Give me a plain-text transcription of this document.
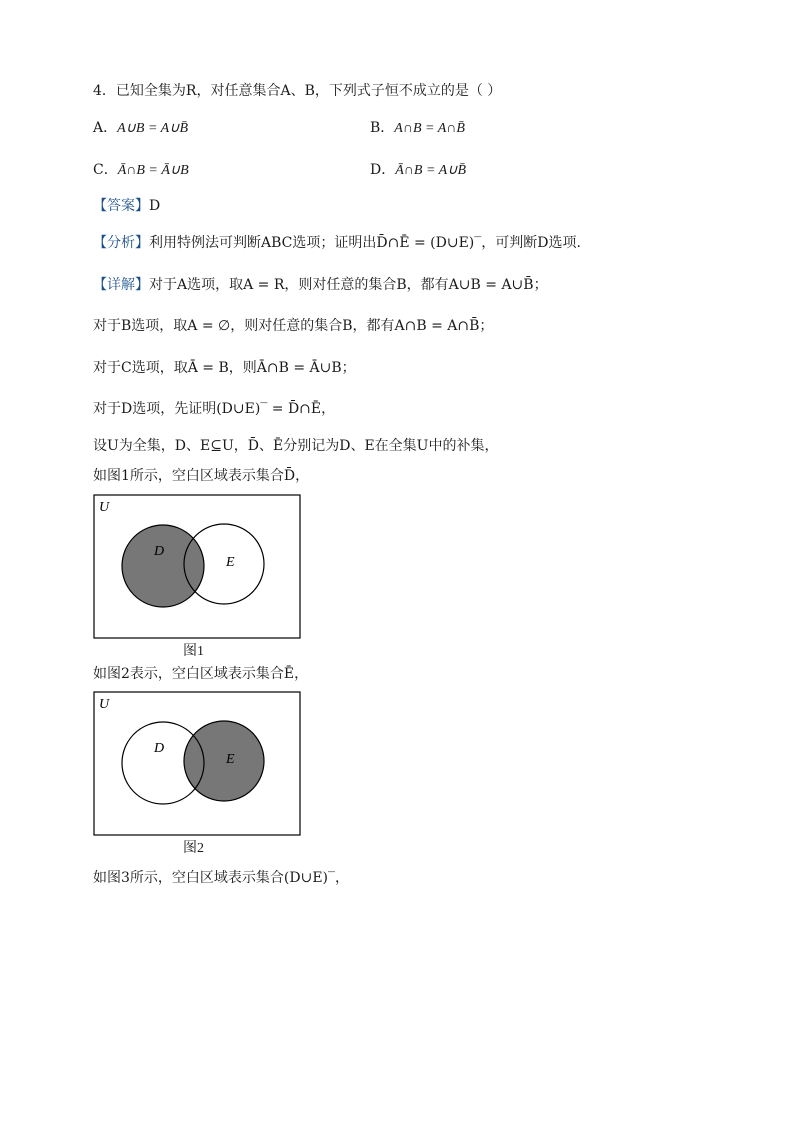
4．已知全集为R，对任意集合A、B，下列式子恒不成立的是（ ）
A．A∪B = A∪B̄	B．A∩B = A∩B̄
C．Ā∩B = Ā∪B	D．Ā∩B = A∪B̄
【答案】D
【分析】利用特例法可判断ABC选项；证明出D̄∩Ē = (D∪E)‾，可判断D选项.
【详解】对于A选项，取A = R，则对任意的集合B，都有A∪B = A∪B̄；
对于B选项，取A = ∅，则对任意的集合B，都有A∩B = A∩B̄；
对于C选项，取Ā = B，则Ā∩B = Ā∪B；
对于D选项，先证明(D∪E)‾ = D̄∩Ē，
设U为全集，D、E⊆U，D̄、Ē分别记为D、E在全集U中的补集，
如图1所示，空白区域表示集合D̄，
U
D
E
图1
如图2表示，空白区域表示集合Ē，
U
D
E
图2
如图3所示，空白区域表示集合(D∪E)‾，
